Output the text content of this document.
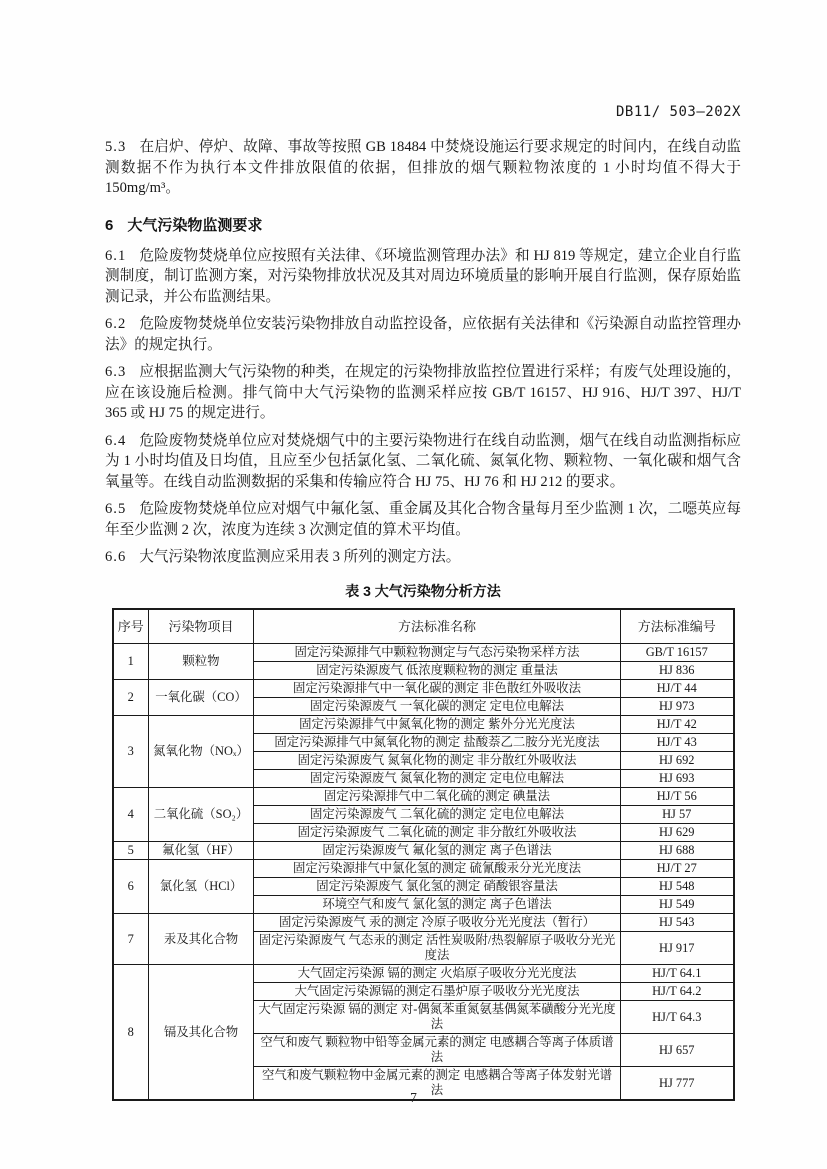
DB11/ 503—202X

5.3 在启炉、停炉、故障、事故等按照 GB 18484 中焚烧设施运行要求规定的时间内，在线自动监测数据不作为执行本文件排放限值的依据，但排放的烟气颗粒物浓度的 1 小时均值不得大于 150mg/m³。

6 大气污染物监测要求

6.1 危险废物焚烧单位应按照有关法律、《环境监测管理办法》和 HJ 819 等规定，建立企业自行监测制度，制订监测方案，对污染物排放状况及其对周边环境质量的影响开展自行监测，保存原始监测记录，并公布监测结果。

6.2 危险废物焚烧单位安装污染物排放自动监控设备，应依据有关法律和《污染源自动监控管理办法》的规定执行。

6.3 应根据监测大气污染物的种类，在规定的污染物排放监控位置进行采样；有废气处理设施的，应在该设施后检测。排气筒中大气污染物的监测采样应按 GB/T 16157、HJ 916、HJ/T 397、HJ/T 365 或 HJ 75 的规定进行。

6.4 危险废物焚烧单位应对焚烧烟气中的主要污染物进行在线自动监测，烟气在线自动监测指标应为 1 小时均值及日均值，且应至少包括氯化氢、二氧化硫、氮氧化物、颗粒物、一氧化碳和烟气含氧量等。在线自动监测数据的采集和传输应符合 HJ 75、HJ 76 和 HJ 212 的要求。

6.5 危险废物焚烧单位应对烟气中氟化氢、重金属及其化合物含量每月至少监测 1 次，二噁英应每年至少监测 2 次，浓度为连续 3 次测定值的算术平均值。

6.6 大气污染物浓度监测应采用表 3 所列的测定方法。

表 3 大气污染物分析方法
序号	污染物项目	方法标准名称	方法标准编号
1	颗粒物	固定污染源排气中颗粒物测定与气态污染物采样方法	GB/T 16157
		固定污染源废气 低浓度颗粒物的测定 重量法	HJ 836
2	一氧化碳（CO）	固定污染源排气中一氧化碳的测定 非色散红外吸收法	HJ/T 44
		固定污染源废气 一氧化碳的测定 定电位电解法	HJ 973
3	氮氧化物（NOₓ）	固定污染源排气中氮氧化物的测定 紫外分光光度法	HJ/T 42
		固定污染源排气中氮氧化物的测定 盐酸萘乙二胺分光光度法	HJ/T 43
		固定污染源废气 氮氧化物的测定 非分散红外吸收法	HJ 692
		固定污染源废气 氮氧化物的测定 定电位电解法	HJ 693
4	二氧化硫（SO₂）	固定污染源排气中二氧化硫的测定 碘量法	HJ/T 56
		固定污染源废气 二氧化硫的测定 定电位电解法	HJ 57
		固定污染源废气 二氧化硫的测定 非分散红外吸收法	HJ 629
5	氟化氢（HF）	固定污染源废气 氟化氢的测定 离子色谱法	HJ 688
6	氯化氢（HCl）	固定污染源排气中氯化氢的测定 硫氰酸汞分光光度法	HJ/T 27
		固定污染源废气 氯化氢的测定 硝酸银容量法	HJ 548
		环境空气和废气 氯化氢的测定 离子色谱法	HJ 549
7	汞及其化合物	固定污染源废气 汞的测定 冷原子吸收分光光度法（暂行）	HJ 543
		固定污染源废气 气态汞的测定 活性炭吸附/热裂解原子吸收分光光度法	HJ 917
8	镉及其化合物	大气固定污染源 镉的测定 火焰原子吸收分光光度法	HJ/T 64.1
		大气固定污染源镉的测定石墨炉原子吸收分光光度法	HJ/T 64.2
		大气固定污染源 镉的测定 对-偶氮苯重氮氨基偶氮苯磺酸分光光度法	HJ/T 64.3
		空气和废气 颗粒物中铅等金属元素的测定 电感耦合等离子体质谱法	HJ 657
		空气和废气颗粒物中金属元素的测定 电感耦合等离子体发射光谱法	HJ 777
7
